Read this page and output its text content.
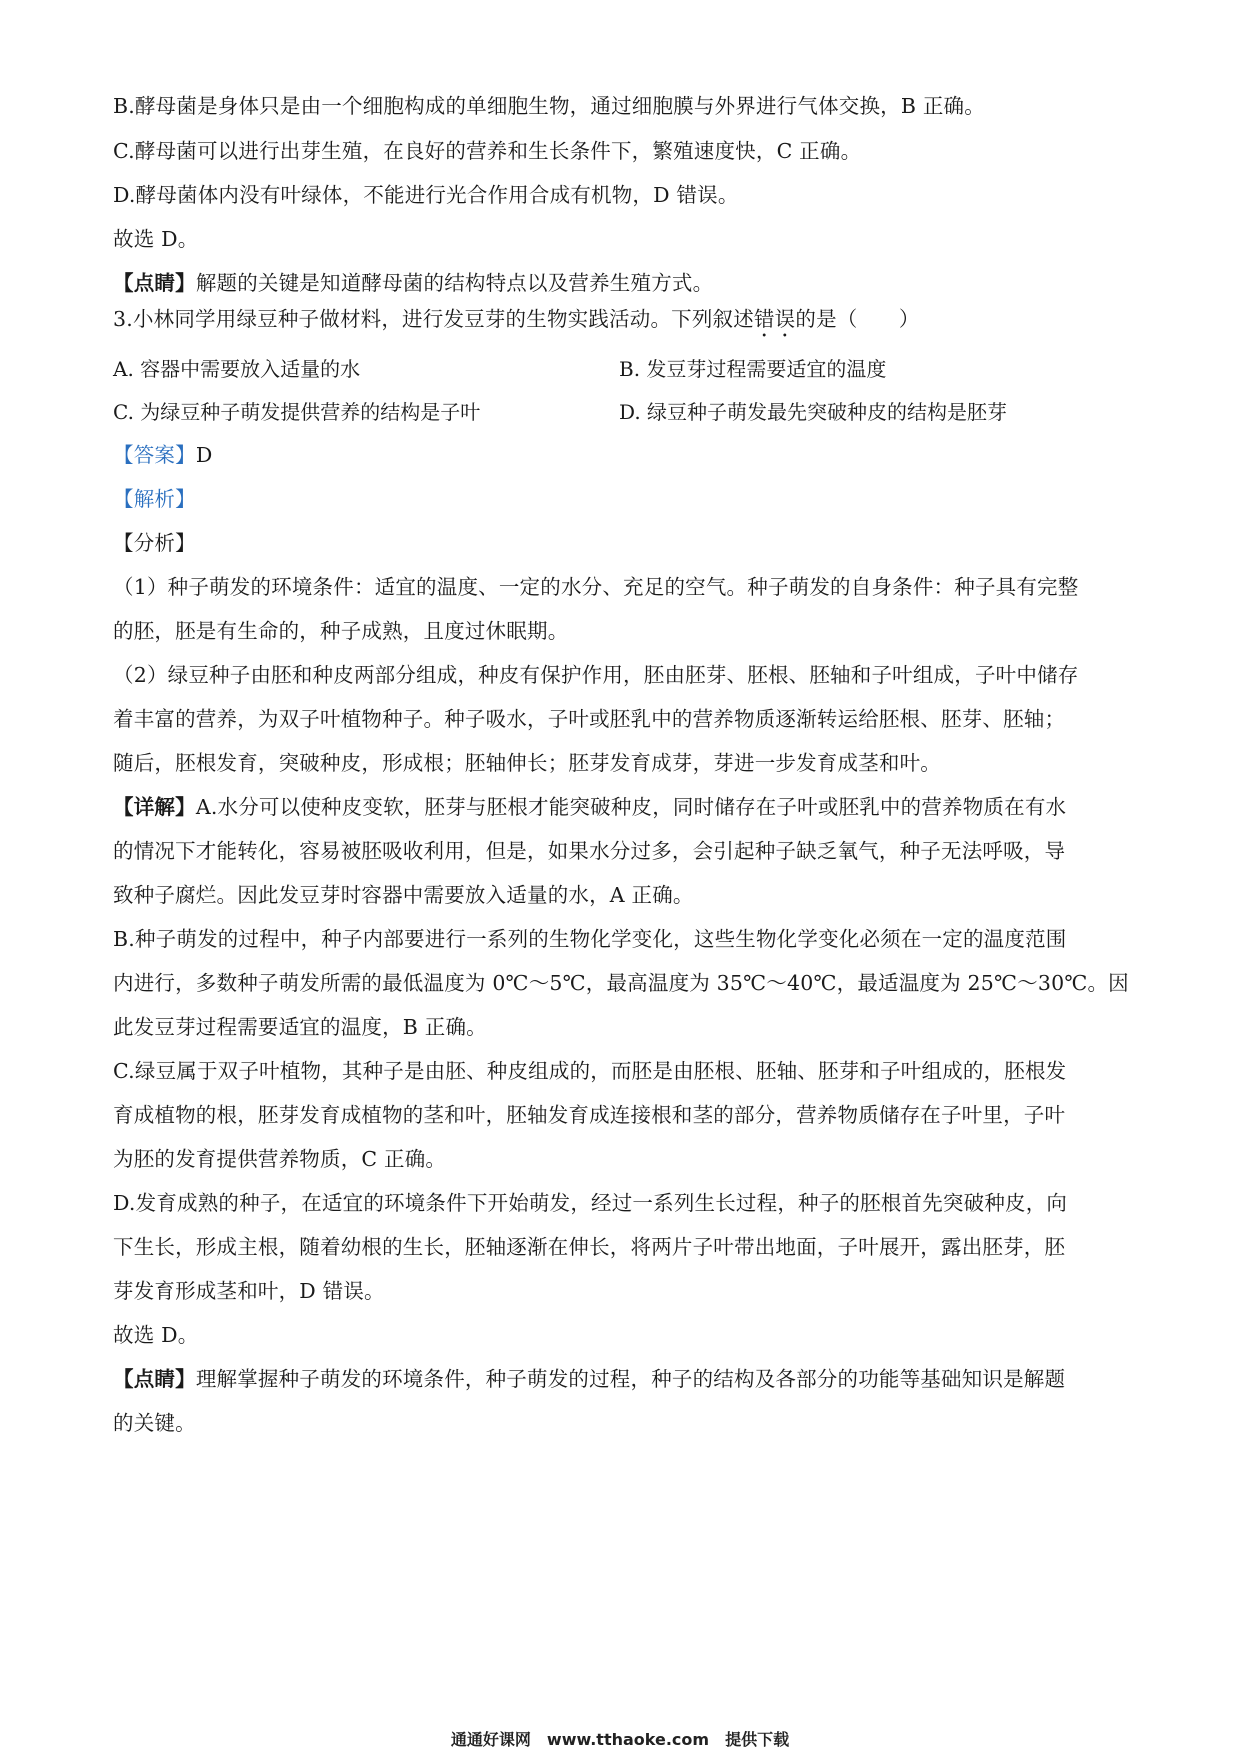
B.酵母菌是身体只是由一个细胞构成的单细胞生物，通过细胞膜与外界进行气体交换，B 正确。
C.酵母菌可以进行出芽生殖，在良好的营养和生长条件下，繁殖速度快，C 正确。
D.酵母菌体内没有叶绿体，不能进行光合作用合成有机物，D 错误。
故选 D。
【点睛】解题的关键是知道酵母菌的结构特点以及营养生殖方式。
3.小林同学用绿豆种子做材料，进行发豆芽的生物实践活动。下列叙述错误的是（　　）
A. 容器中需要放入适量的水	B. 发豆芽过程需要适宜的温度
C. 为绿豆种子萌发提供营养的结构是子叶	D. 绿豆种子萌发最先突破种皮的结构是胚芽
【答案】D
【解析】
【分析】
（1）种子萌发的环境条件：适宜的温度、一定的水分、充足的空气。种子萌发的自身条件：种子具有完整
的胚，胚是有生命的，种子成熟，且度过休眠期。
（2）绿豆种子由胚和种皮两部分组成，种皮有保护作用，胚由胚芽、胚根、胚轴和子叶组成，子叶中储存
着丰富的营养，为双子叶植物种子。种子吸水，子叶或胚乳中的营养物质逐渐转运给胚根、胚芽、胚轴；
随后，胚根发育，突破种皮，形成根；胚轴伸长；胚芽发育成芽，芽进一步发育成茎和叶。
【详解】A.水分可以使种皮变软，胚芽与胚根才能突破种皮，同时储存在子叶或胚乳中的营养物质在有水
的情况下才能转化，容易被胚吸收利用，但是，如果水分过多，会引起种子缺乏氧气，种子无法呼吸，导
致种子腐烂。因此发豆芽时容器中需要放入适量的水，A 正确。
B.种子萌发的过程中，种子内部要进行一系列的生物化学变化，这些生物化学变化必须在一定的温度范围
内进行，多数种子萌发所需的最低温度为 0℃～5℃，最高温度为 35℃～40℃，最适温度为 25℃～30℃。因
此发豆芽过程需要适宜的温度，B 正确。
C.绿豆属于双子叶植物，其种子是由胚、种皮组成的，而胚是由胚根、胚轴、胚芽和子叶组成的，胚根发
育成植物的根，胚芽发育成植物的茎和叶，胚轴发育成连接根和茎的部分，营养物质储存在子叶里，子叶
为胚的发育提供营养物质，C 正确。
D.发育成熟的种子，在适宜的环境条件下开始萌发，经过一系列生长过程，种子的胚根首先突破种皮，向
下生长，形成主根，随着幼根的生长，胚轴逐渐在伸长，将两片子叶带出地面，子叶展开，露出胚芽，胚
芽发育形成茎和叶，D 错误。
故选 D。
【点睛】理解掌握种子萌发的环境条件，种子萌发的过程，种子的结构及各部分的功能等基础知识是解题
的关键。
通通好课网 www.tthaoke.com 提供下载
